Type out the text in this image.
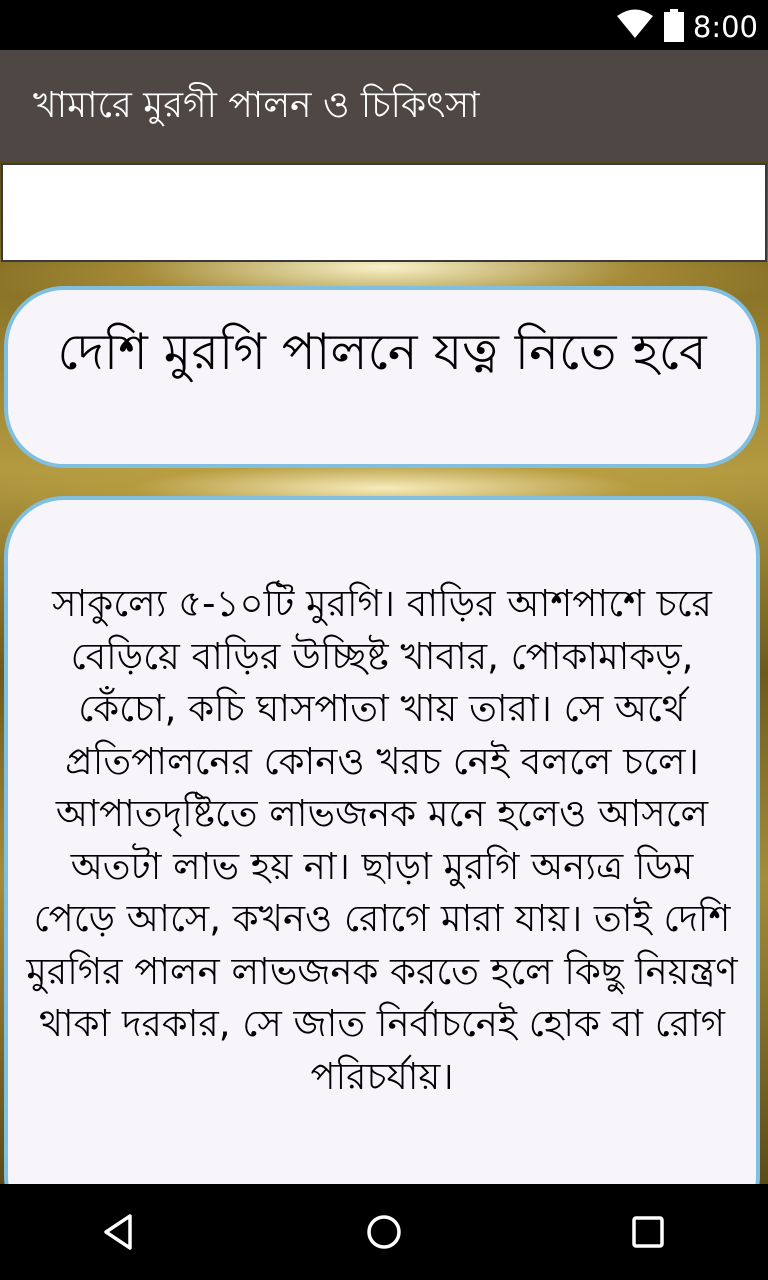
8:00
খামারে মুরগী পালন ও চিকিৎসা
দেশি মুরগি পালনে যত্ন নিতে হবে
সাকুল্যে ৫-১০টি মুরগি। বাড়ির আশপাশে চরে বেড়িয়ে বাড়ির উচ্ছিষ্ট খাবার, পোকামাকড়, কেঁচো, কচি ঘাসপাতা খায় তারা। সে অর্থে প্রতিপালনের কোনও খরচ নেই বললে চলে। আপাতদৃষ্টিতে লাভজনক মনে হলেও আসলে অতটা লাভ হয় না। ছাড়া মুরগি অন্যত্র ডিম পেড়ে আসে, কখনও রোগে মারা যায়। তাই দেশি মুরগির পালন লাভজনক করতে হলে কিছু নিয়ন্ত্রণ থাকা দরকার, সে জাত নির্বাচনেই হোক বা রোগ পরিচর্যায়।
